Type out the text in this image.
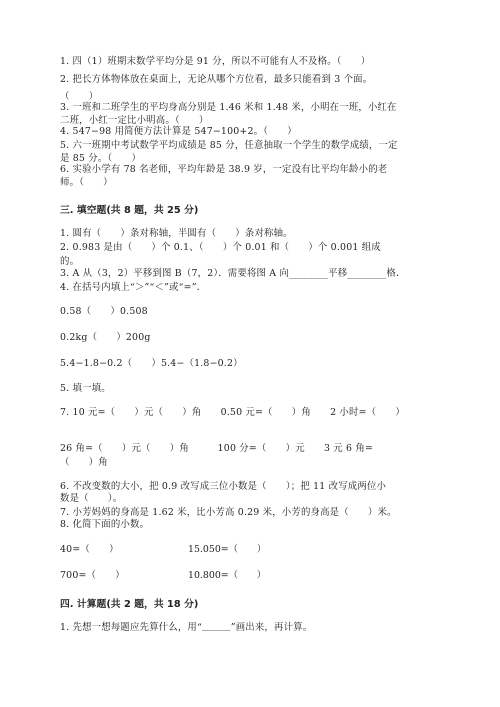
1. 四（1）班期末数学平均分是 91 分，所以不可能有人不及格。（　　）
2. 把长方体物体放在桌面上，无论从哪个方位看，最多只能看到 3 个面。
（　　）
3. 一班和二班学生的平均身高分别是 1.46 米和 1.48 米，小明在一班，小红在
二班，小红一定比小明高。（　　）
4. 547−98 用简便方法计算是 547−100+2。（　　）
5. 六一班期中考试数学平均成绩是 85 分，任意抽取一个学生的数学成绩，一定
是 85 分。（　　）
6. 实验小学有 78 名老师，平均年龄是 38.9 岁，一定没有比平均年龄小的老
师。（　　）
三. 填空题(共 8 题，共 25 分)
1. 圆有（　　）条对称轴，半圆有（　　）条对称轴。
2. 0.983 是由（　　）个 0.1、（　　）个 0.01 和（　　）个 0.001 组成
的。
3. A 从（3，2）平移到图 B（7，2）．需要将图 A 向________平移________格．
4. 在括号内填上“＞”“＜”或“=”．
0.58（　　）0.508
0.2kg（　　）200g
5.4−1.8−0.2（　　）5.4−（1.8−0.2）
5. 填一填。
7. 10 元=（　　）元（　　）角　　0.50 元=（　　）角　　2 小时=（　　）
26 角=（　　）元（　　）角　　　100 分=（　　）元　　3 元 6 角=
（　　）角
6. 不改变数的大小，把 0.9 改写成三位小数是（　　）；把 11 改写成两位小
数是（　　）。
7. 小芳妈妈的身高是 1.62 米，比小芳高 0.29 米，小芳的身高是（　　）米。
8. 化简下面的小数。
40=（　　）	15.050=（　　）
700=（　　）	10.800=（　　）
四. 计算题(共 2 题，共 18 分)
1. 先想一想每题应先算什么，用“＿＿＿”画出来，再计算。
